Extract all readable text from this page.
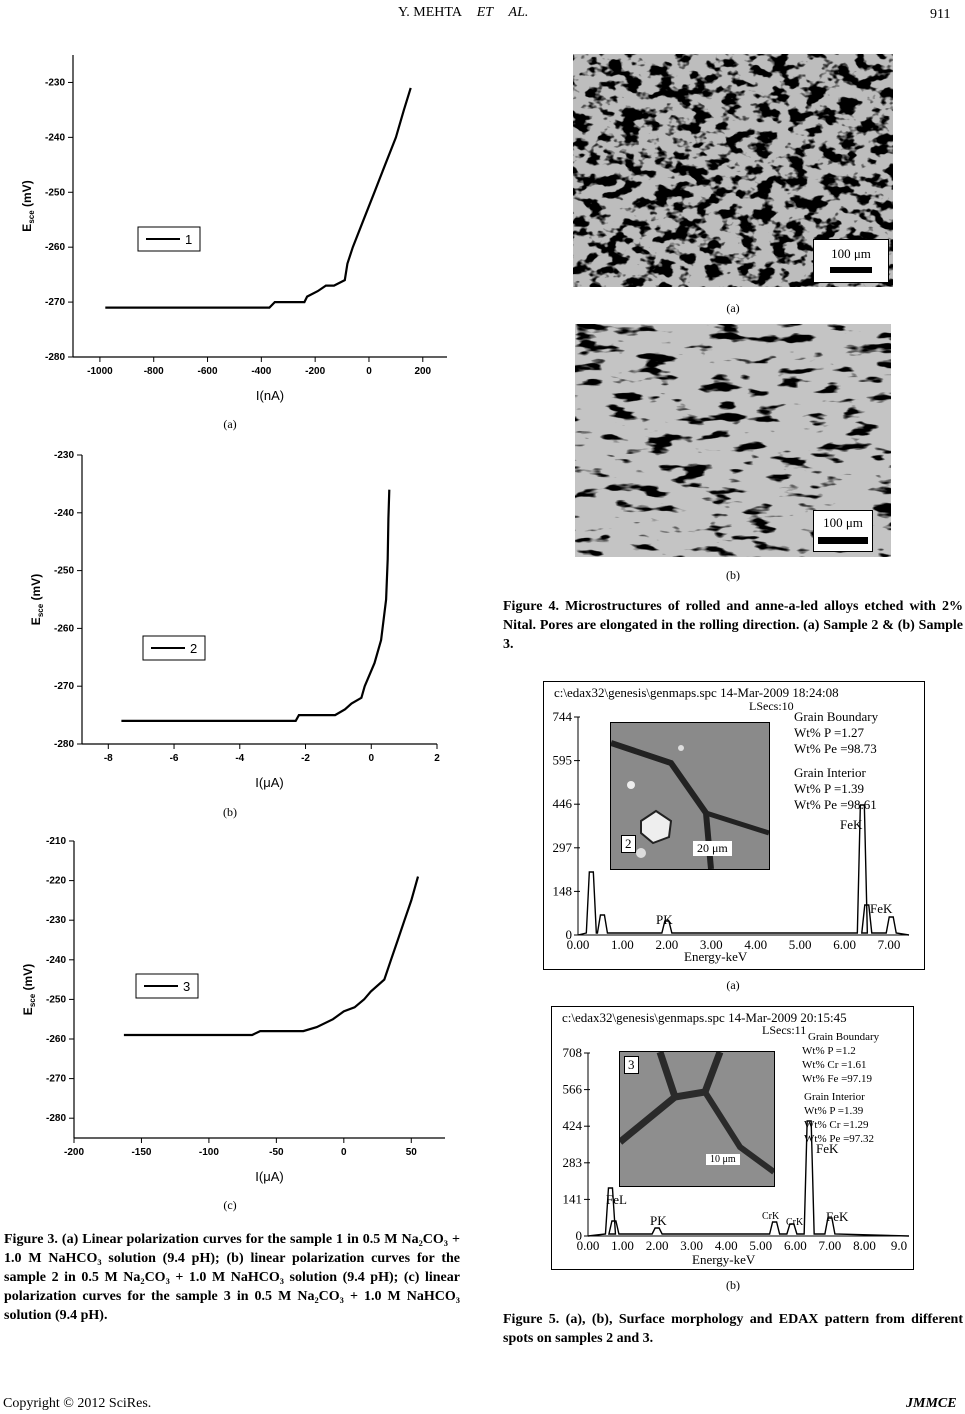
Y. MEHTA ET AL.	911
-280
-270
-260
-250
-240
-230
-1000	-800	-600	-400	-200	0	200
I(nA)
$E_{sce}$ (mV)
1
(a)
-280
-270
-260
-250
-240
-230
-8	-6	-4	-2	0	2
I(μA)
$E_{sce}$ (mV)
2
(b)
-280
-270
-260
-250
-240
-230
-220
-210
-200	-150	-100	-50	0	50
I(μA)
$E_{sce}$ (mV)	3
(c)
Figure 3. (a) Linear polarization curves for the sample 1 in 0.5 M Na₂CO₃ + 1.0 M NaHCO₃ solution (9.4 pH); (b) linear polarization curves for the sample 2 in 0.5 M Na₂CO₃ + 1.0 M NaHCO₃ solution (9.4 pH); (c) linear polarization curves for the sample 3 in 0.5 M Na₂CO₃ + 1.0 M NaHCO₃ solution (9.4 pH).
100 μm
(a)
100 μm
(b)
Figure 4. Microstructures of rolled and anne-a-led alloys etched with 2% Nital. Pores are elongated in the rolling direction. (a) Sample 2 & (b) Sample 3.
c:\edax32\genesis\genmaps.spc 14-Mar-2009 18:24:08
LSecs:10
744
595
446
297
148
0
0.00 1.00 2.00 3.00 4.00 5.00 6.00 7.00
2	20 μm
Grain Boundary
Wt% P =1.27
Wt% Pe =98.73
Grain Interior
Wt% P =1.39
Wt% Pe =98.61
FeK
PK
FeK
Energy-keV
(a)
c:\edax32\genesis\genmaps.spc 14-Mar-2009 20:15:45
LSecs:11
708
566
424
283
141
0
0.00 1.00 2.00 3.00 4.00 5.00 6.00 7.00 8.00 9.0
3
10 μm
Grain Boundary
Wt% P =1.2
Wt% Cr =1.61
Wt% Fe =97.19
Grain Interior
Wt% P =1.39
Wt% Cr =1.29
Wt% Pe =97.32
FeL
PK	CrK
CrK
FeK
FeK
Energy-keV
(b)
Figure 5. (a), (b), Surface morphology and EDAX pattern from different spots on samples 2 and 3.
Copyright © 2012 SciRes.	JMMCE
